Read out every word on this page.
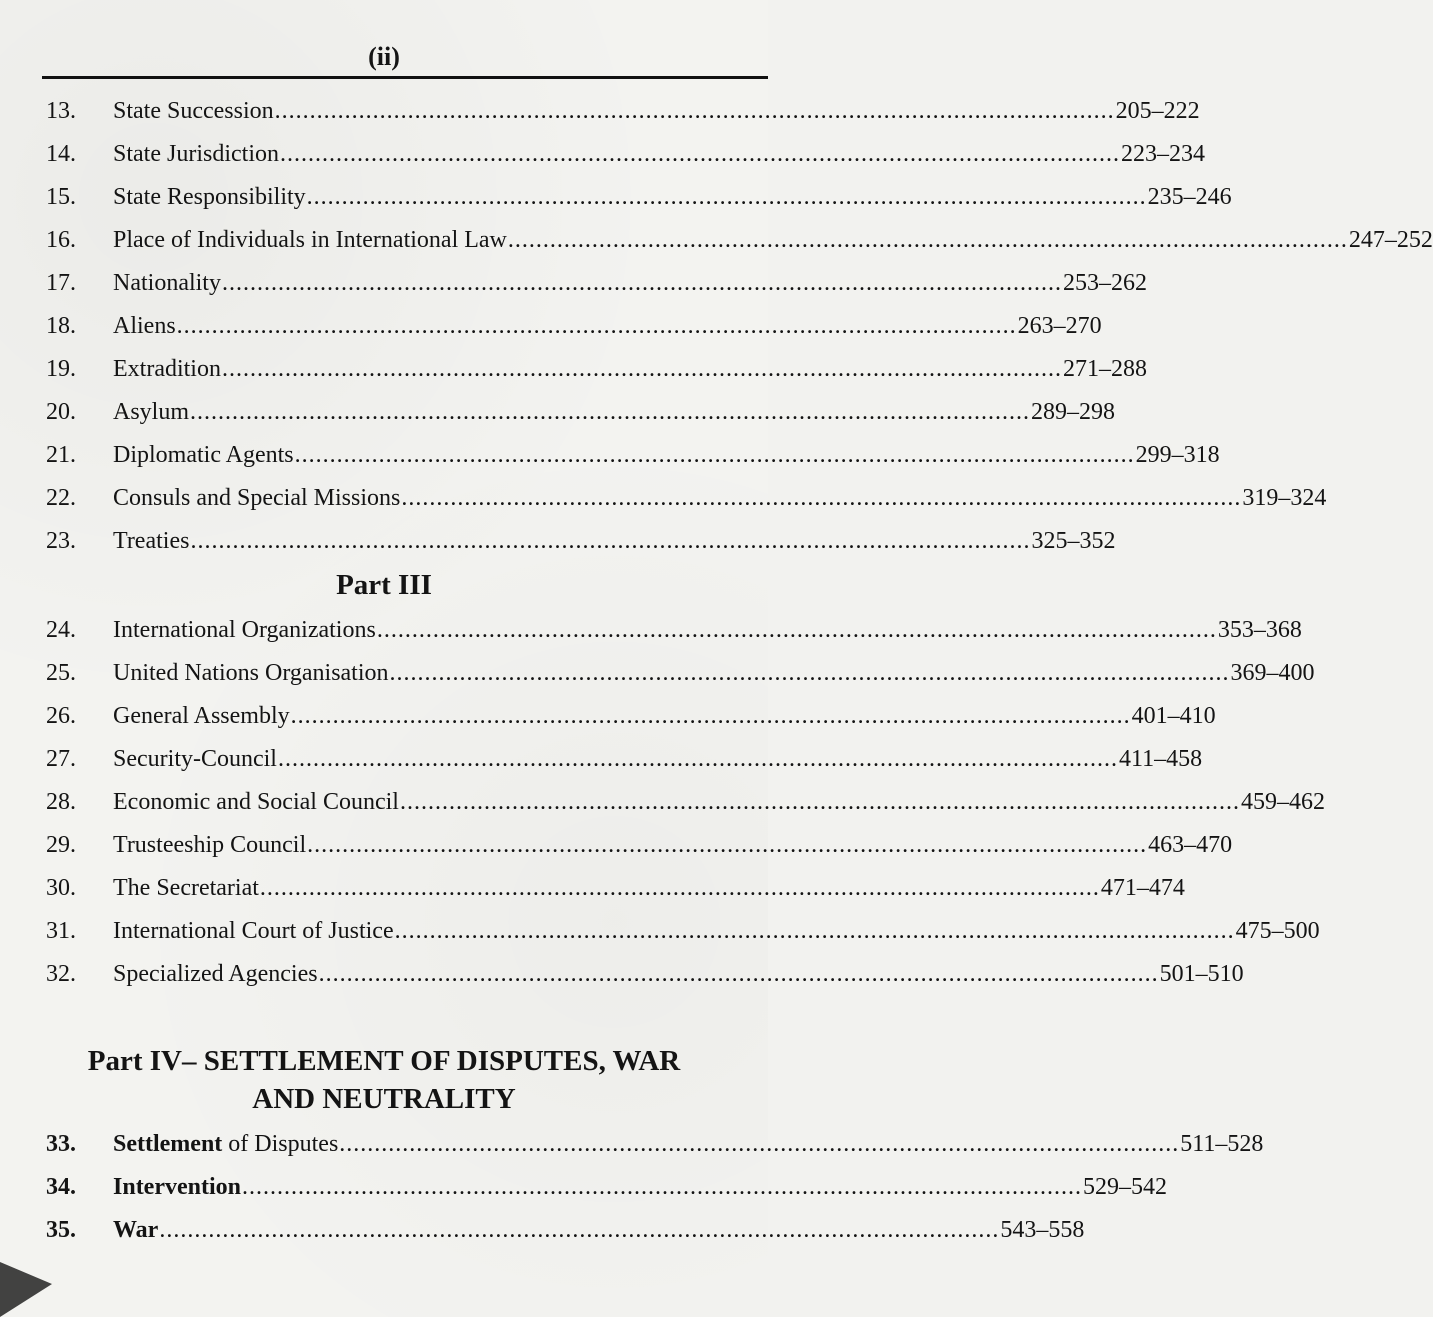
(ii)
13.	State Succession ........................................................................................................................ 205–222
14.	State Jurisdiction ........................................................................................................................ 223–234
15.	State Responsibility ........................................................................................................................ 235–246
16.	Place of Individuals in International Law ........................................................................................................................ 247–252
17.	Nationality ........................................................................................................................ 253–262
18.	Aliens ........................................................................................................................ 263–270
19.	Extradition ........................................................................................................................ 271–288
20.	Asylum ........................................................................................................................ 289–298
21.	Diplomatic Agents ........................................................................................................................ 299–318
22.	Consuls and Special Missions ........................................................................................................................ 319–324
23.	Treaties ........................................................................................................................ 325–352
Part III
24.	International Organizations ........................................................................................................................ 353–368
25.	United Nations Organisation ........................................................................................................................ 369–400
26.	General Assembly ........................................................................................................................ 401–410
27.	Security-Council ........................................................................................................................ 411–458
28.	Economic and Social Council ........................................................................................................................ 459–462
29.	Trusteeship Council ........................................................................................................................ 463–470
30.	The Secretariat ........................................................................................................................ 471–474
31.	International Court of Justice ........................................................................................................................ 475–500
32.	Specialized Agencies ........................................................................................................................ 501–510
Part IV– SETTLEMENT OF DISPUTES, WAR
AND NEUTRALITY
33.	Settlement of Disputes ........................................................................................................................ 511–528
34.	Intervention ........................................................................................................................ 529–542
35.	War ........................................................................................................................ 543–558
